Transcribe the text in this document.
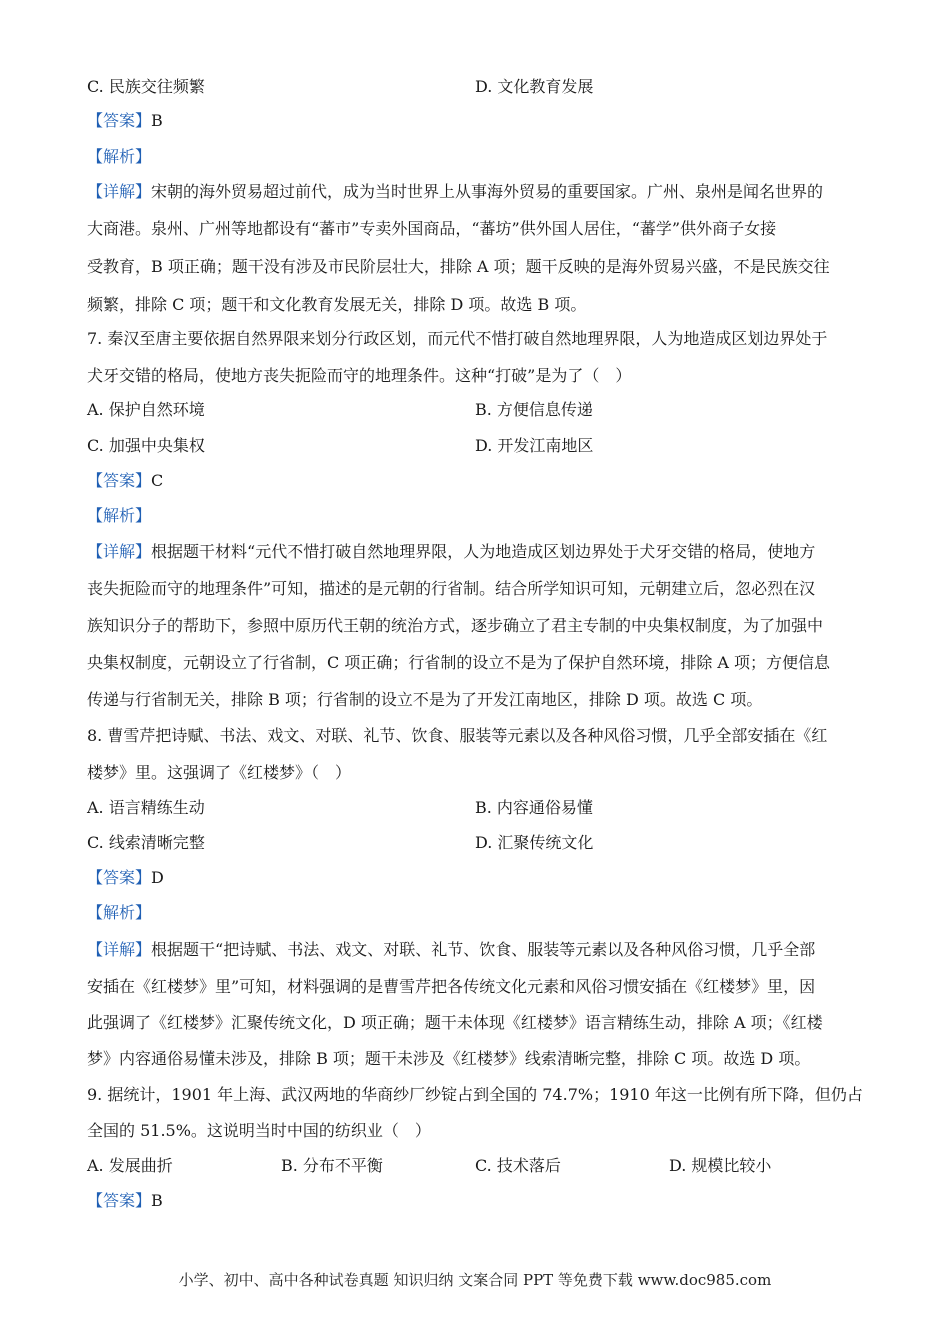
C. 民族交往频繁	D. 文化教育发展
【答案】B
【解析】
【详解】宋朝的海外贸易超过前代，成为当时世界上从事海外贸易的重要国家。广州、泉州是闻名世界的
大商港。泉州、广州等地都设有“蕃市”专卖外国商品，“蕃坊”供外国人居住，“蕃学”供外商子女接
受教育，B 项正确；题干没有涉及市民阶层壮大，排除 A 项；题干反映的是海外贸易兴盛，不是民族交往
频繁，排除 C 项；题干和文化教育发展无关，排除 D 项。故选 B 项。
7. 秦汉至唐主要依据自然界限来划分行政区划，而元代不惜打破自然地理界限，人为地造成区划边界处于
犬牙交错的格局，使地方丧失扼险而守的地理条件。这种“打破”是为了（　）
A. 保护自然环境	B. 方便信息传递
C. 加强中央集权	D. 开发江南地区
【答案】C
【解析】
【详解】根据题干材料“元代不惜打破自然地理界限，人为地造成区划边界处于犬牙交错的格局，使地方
丧失扼险而守的地理条件”可知，描述的是元朝的行省制。结合所学知识可知，元朝建立后，忽必烈在汉
族知识分子的帮助下，参照中原历代王朝的统治方式，逐步确立了君主专制的中央集权制度，为了加强中
央集权制度，元朝设立了行省制，C 项正确；行省制的设立不是为了保护自然环境，排除 A 项；方便信息
传递与行省制无关，排除 B 项；行省制的设立不是为了开发江南地区，排除 D 项。故选 C 项。
8. 曹雪芹把诗赋、书法、戏文、对联、礼节、饮食、服装等元素以及各种风俗习惯，几乎全部安插在《红
楼梦》里。这强调了《红楼梦》（　）
A. 语言精练生动	B. 内容通俗易懂
C. 线索清晰完整	D. 汇聚传统文化
【答案】D
【解析】
【详解】根据题干“把诗赋、书法、戏文、对联、礼节、饮食、服装等元素以及各种风俗习惯，几乎全部
安插在《红楼梦》里”可知，材料强调的是曹雪芹把各传统文化元素和风俗习惯安插在《红楼梦》里，因
此强调了《红楼梦》汇聚传统文化，D 项正确；题干未体现《红楼梦》语言精练生动，排除 A 项；《红楼
梦》内容通俗易懂未涉及，排除 B 项；题干未涉及《红楼梦》线索清晰完整，排除 C 项。故选 D 项。
9. 据统计，1901 年上海、武汉两地的华商纱厂纱锭占到全国的 74.7%；1910 年这一比例有所下降，但仍占
全国的 51.5%。这说明当时中国的纺织业（　）
A. 发展曲折	B. 分布不平衡	C. 技术落后	D. 规模比较小
【答案】B
小学、初中、高中各种试卷真题 知识归纳 文案合同 PPT 等免费下载 www.doc985.com
